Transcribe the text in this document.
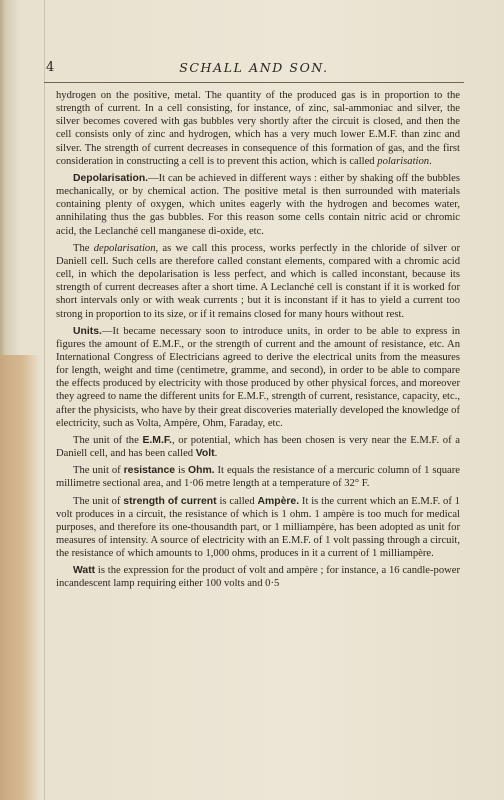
4	SCHALL AND SON.

hydrogen on the positive, metal. The quantity of the produced gas is in proportion to the strength of current. In a cell consisting, for instance, of zinc, sal-ammoniac and silver, the silver becomes covered with gas bubbles very shortly after the circuit is closed, and then the cell consists only of zinc and hydrogen, which has a very much lower E.M.F. than zinc and silver. The strength of current decreases in consequence of this formation of gas, and the first consideration in constructing a cell is to prevent this action, which is called polarisation.

Depolarisation.—It can be achieved in different ways : either by shaking off the bubbles mechanically, or by chemical action. The positive metal is then surrounded with materials containing plenty of oxygen, which unites eagerly with the hydrogen and becomes water, annihilating thus the gas bubbles. For this reason some cells contain nitric acid or chromic acid, the Leclanché cell manganese di-oxide, etc.

The depolarisation, as we call this process, works perfectly in the chloride of silver or Daniell cell. Such cells are therefore called constant elements, compared with a chromic acid cell, in which the depolarisation is less perfect, and which is called inconstant, because its strength of current decreases after a short time. A Leclanché cell is constant if it is worked for short intervals only or with weak currents ; but it is inconstant if it has to yield a current too strong in proportion to its size, or if it remains closed for many hours without rest.

Units.—It became necessary soon to introduce units, in order to be able to express in figures the amount of E.M.F., or the strength of current and the amount of resistance, etc. An International Congress of Electricians agreed to derive the electrical units from the measures for length, weight and time (centimetre, gramme, and second), in order to be able to compare the effects produced by electricity with those produced by other physical forces, and moreover they agreed to name the different units for E.M.F., strength of current, resistance, capacity, etc., after the physicists, who have by their great discoveries materially developed the knowledge of electricity, such as Volta, Ampère, Ohm, Faraday, etc.

The unit of the E.M.F., or potential, which has been chosen is very near the E.M.F. of a Daniell cell, and has been called Volt.

The unit of resistance is Ohm. It equals the resistance of a mercuric column of 1 square millimetre sectional area, and 1·06 metre length at a temperature of 32° F.

The unit of strength of current is called Ampère. It is the current which an E.M.F. of 1 volt produces in a circuit, the resistance of which is 1 ohm. 1 ampère is too much for medical purposes, and therefore its one-thousandth part, or 1 milliampère, has been adopted as unit for measures of intensity. A source of electricity with an E.M.F. of 1 volt passing through a circuit, the resistance of which amounts to 1,000 ohms, produces in it a current of 1 milliampère.

Watt is the expression for the product of volt and ampère ; for instance, a 16 candle-power incandescent lamp requiring either 100 volts and 0·5
